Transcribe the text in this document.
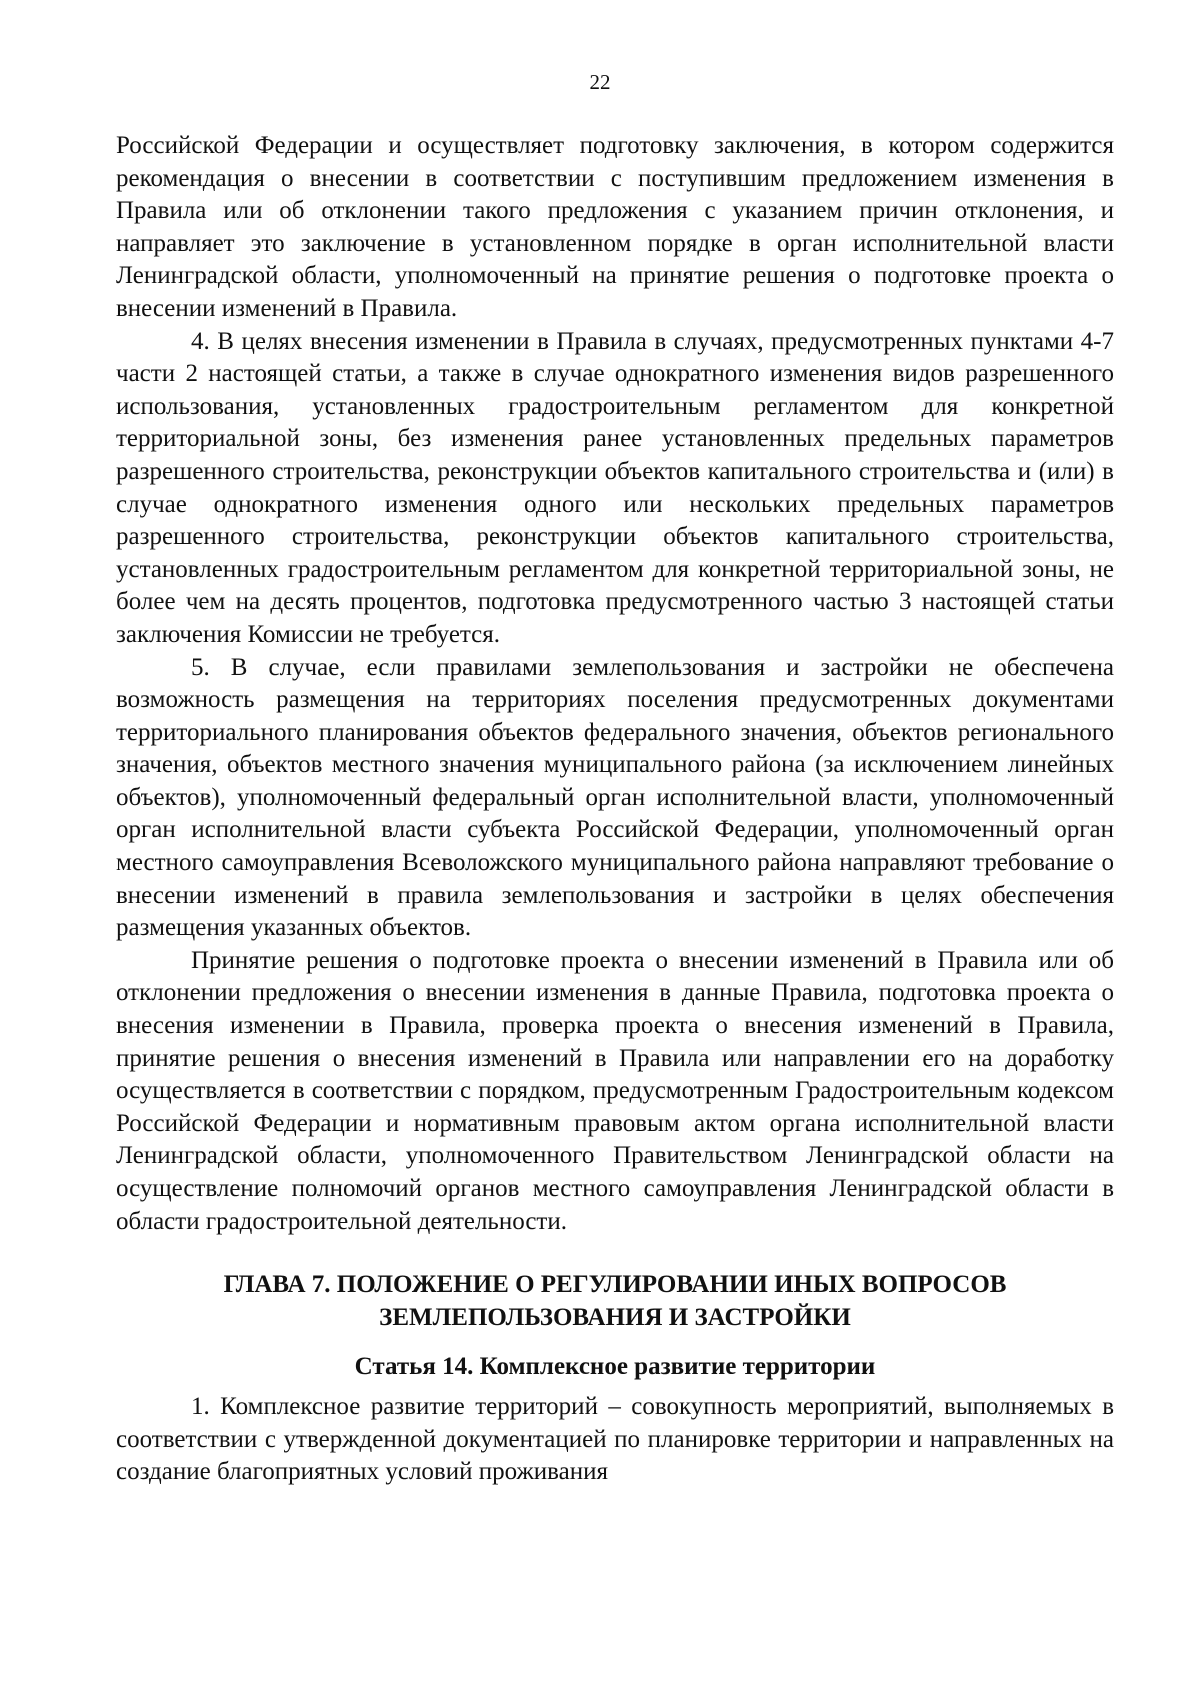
22

Российской Федерации и осуществляет подготовку заключения, в котором содержится рекомендация о внесении в соответствии с поступившим предложением изменения в Правила или об отклонении такого предложения с указанием причин отклонения, и направляет это заключение в установленном порядке в орган исполнительной власти Ленинградской области, уполномоченный на принятие решения о подготовке проекта о внесении изменений в Правила.

4. В целях внесения изменении в Правила в случаях, предусмотренных пунктами 4-7 части 2 настоящей статьи, а также в случае однократного изменения видов разрешенного использования, установленных градостроительным регламентом для конкретной территориальной зоны, без изменения ранее установленных предельных параметров разрешенного строительства, реконструкции объектов капитального строительства и (или) в случае однократного изменения одного или нескольких предельных параметров разрешенного строительства, реконструкции объектов капитального строительства, установленных градостроительным регламентом для конкретной территориальной зоны, не более чем на десять процентов, подготовка предусмотренного частью 3 настоящей статьи заключения Комиссии не требуется.

5. В случае, если правилами землепользования и застройки не обеспечена возможность размещения на территориях поселения предусмотренных документами территориального планирования объектов федерального значения, объектов регионального значения, объектов местного значения муниципального района (за исключением линейных объектов), уполномоченный федеральный орган исполнительной власти, уполномоченный орган исполнительной власти субъекта Российской Федерации, уполномоченный орган местного самоуправления Всеволожского муниципального района направляют требование о внесении изменений в правила землепользования и застройки в целях обеспечения размещения указанных объектов.

Принятие решения о подготовке проекта о внесении изменений в Правила или об отклонении предложения о внесении изменения в данные Правила, подготовка проекта о внесения изменении в Правила, проверка проекта о внесения изменений в Правила, принятие решения о внесения изменений в Правила или направлении его на доработку осуществляется в соответствии с порядком, предусмотренным Градостроительным кодексом Российской Федерации и нормативным правовым актом органа исполнительной власти Ленинградской области, уполномоченного Правительством Ленинградской области на осуществление полномочий органов местного самоуправления Ленинградской области в области градостроительной деятельности.

ГЛАВА 7. ПОЛОЖЕНИЕ О РЕГУЛИРОВАНИИ ИНЫХ ВОПРОСОВ
ЗЕМЛЕПОЛЬЗОВАНИЯ И ЗАСТРОЙКИ
Статья 14. Комплексное развитие территории

1. Комплексное развитие территорий – совокупность мероприятий, выполняемых в соответствии с утвержденной документацией по планировке территории и направленных на создание благоприятных условий проживания
